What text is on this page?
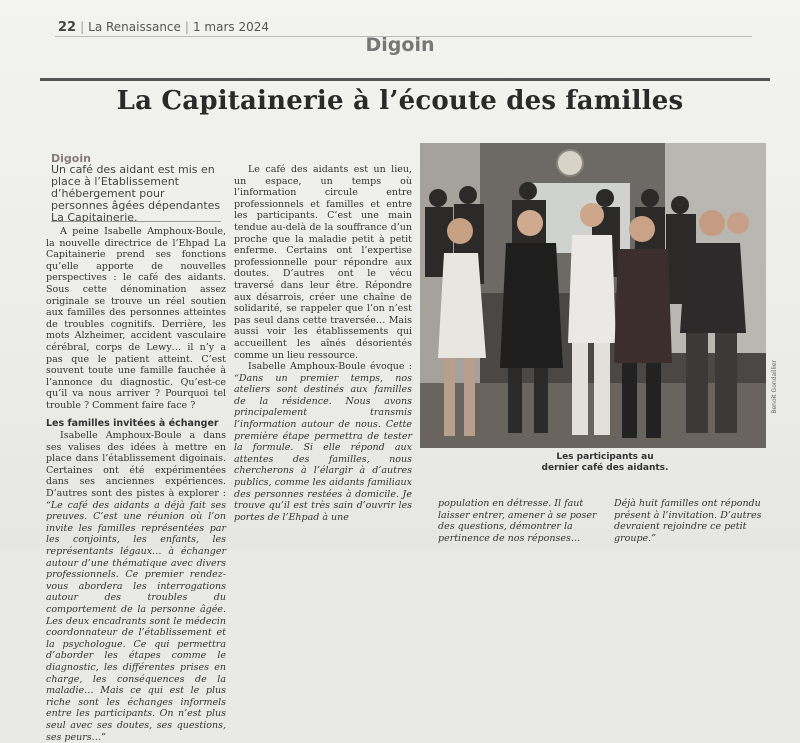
22 | La Renaissance | 1 mars 2024
Digoin
La Capitainerie à l’écoute des familles
Digoin
Un café des aidant est mis en place à l’Etablissement d’hébergement pour personnes âgées dépendantes La Capitainerie.

A peine Isabelle Amphoux-Boule, la nouvelle directrice de l’Ehpad La Capitainerie prend ses fonctions qu’elle apporte de nouvelles perspectives : le café des aidants. Sous cette dénomination assez originale se trouve un réel soutien aux familles des personnes atteintes de troubles cognitifs. Derrière, les mots Alzheimer, accident vasculaire cérébral, corps de Lewy… il n’y a pas que le patient atteint. C’est souvent toute une famille fauchée à l’annonce du diagnostic. Qu’est-ce qu’il va nous arriver ? Pourquoi tel trouble ? Comment faire face ?

Les familles invitées à échanger

Isabelle Amphoux-Boule a dans ses valises des idées à mettre en place dans l’établissement digoinais. Certaines ont été expérimentées dans ses anciennes expériences. D’autres sont des pistes à explorer : “Le café des aidants a déjà fait ses preuves. C’est une réunion où l’on invite les familles représentées par les conjoints, les enfants, les représentants légaux… à échanger autour d’une thématique avec divers professionnels. Ce premier rendez-vous abordera les interrogations autour des troubles du comportement de la personne âgée. Les deux encadrants sont le médecin coordonnateur de l’établissement et la psychologue. Ce qui permettra d’aborder les étapes comme le diagnostic, les différentes prises en charge, les conséquences de la maladie… Mais ce qui est le plus riche sont les échanges informels entre les participants. On n’est plus seul avec ses doutes, ses questions, ses peurs…”

Le café des aidants est un lieu, un espace, un temps où l’information circule entre professionnels et familles et entre les participants. C’est une main tendue au-delà de la souffrance d’un proche que la maladie petit à petit enferme. Certains ont l’expertise professionnelle pour répondre aux doutes. D’autres ont le vécu traversé dans leur être. Répondre aux désarrois, créer une chaîne de solidarité, se rappeler que l’on n’est pas seul dans cette traversée… Mais aussi voir les établissements qui accueillent les aînés désorientés comme un lieu ressource.

Isabelle Amphoux-Boule évoque : “Dans un premier temps, nos ateliers sont destinés aux familles de la résidence. Nous avons principalement transmis l’information autour de nous. Cette première étape permettra de tester la formule. Si elle répond aux attentes des familles, nous chercherons à l’élargir à d’autres publics, comme les aidants familiaux des personnes restées à domicile. Je trouve qu’il est très sain d’ouvrir les portes de l’Ehpad à une

Benoît Gondaillier
Les participants au dernier café des aidants.
population en détresse. Il faut laisser entrer, amener à se poser des questions, démontrer la pertinence de nos réponses…
Déjà huit familles ont répondu présent à l’invitation. D’autres devraient rejoindre ce petit groupe.”
